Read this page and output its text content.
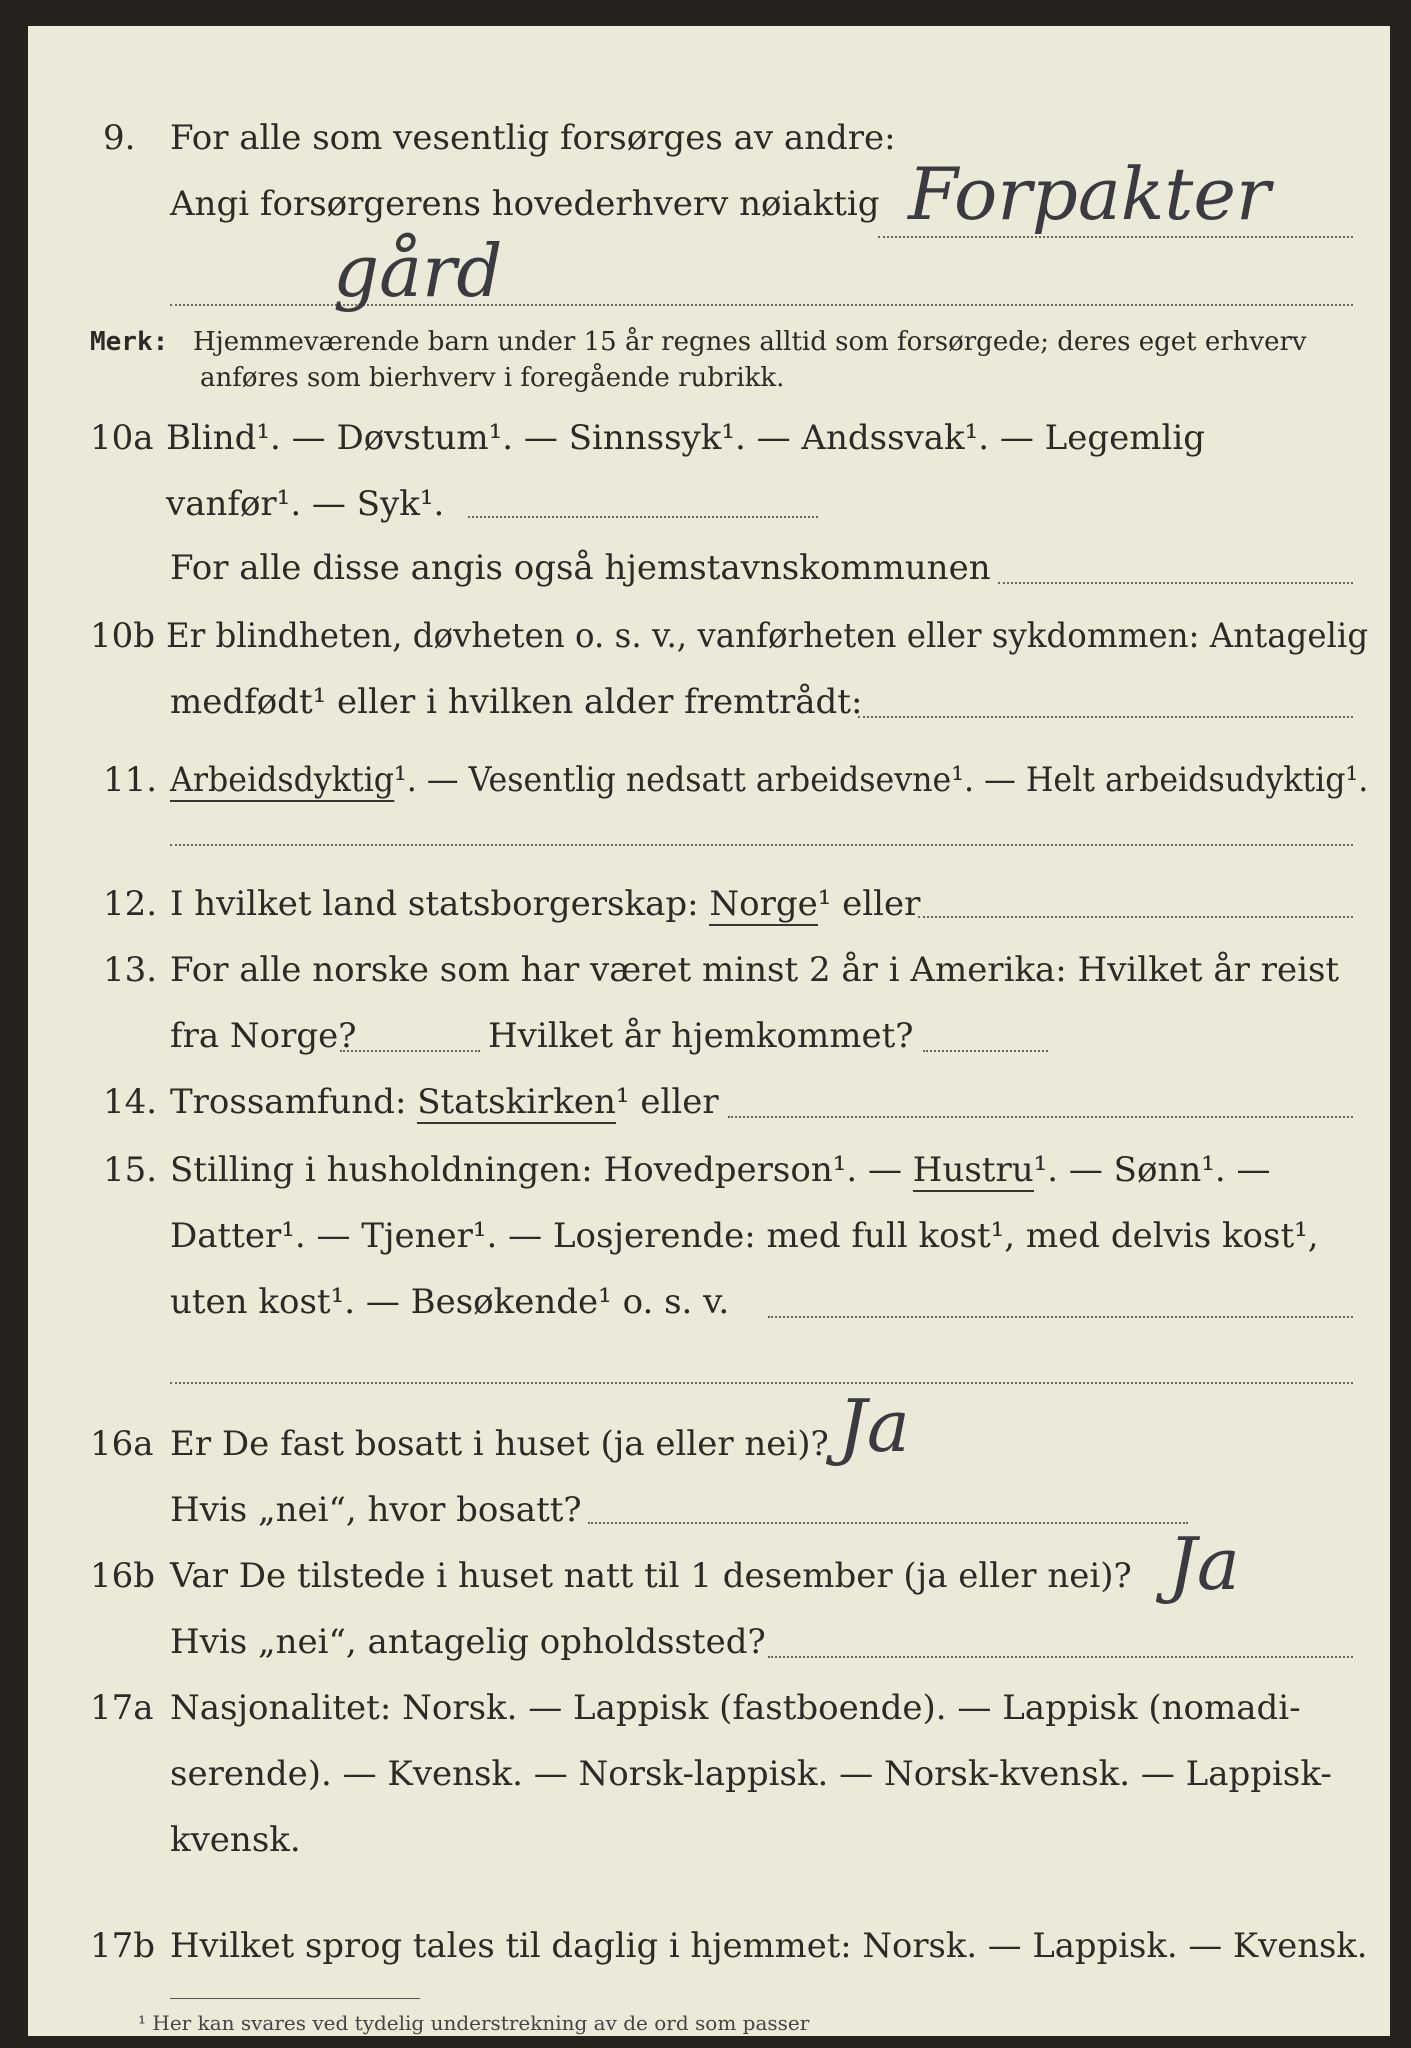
9. For alle som vesentlig forsørges av andre:
Angi forsørgerens hovederhverv nøiaktig Forpakter
gård
Merk: Hjemmeværende barn under 15 år regnes alltid som forsørgede; deres eget erhverv
anføres som bierhverv i foregående rubrikk.
10a Blind¹. — Døvstum¹. — Sinnssyk¹. — Andssvak¹. — Legemlig
vanfør¹. — Syk¹.
For alle disse angis også hjemstavnskommunen
10b Er blindheten, døvheten o. s. v., vanførheten eller sykdommen: Antagelig
medfødt¹ eller i hvilken alder fremtrådt:
11. Arbeidsdyktig¹. — Vesentlig nedsatt arbeidsevne¹. — Helt arbeidsudyktig¹.
12. I hvilket land statsborgerskap: Norge¹ eller
13. For alle norske som har været minst 2 år i Amerika: Hvilket år reist
fra Norge?	Hvilket år hjemkommet?
14. Trossamfund: Statskirken¹ eller
15. Stilling i husholdningen: Hovedperson¹. — Hustru¹. — Sønn¹. —
Datter¹. — Tjener¹. — Losjerende: med full kost¹, med delvis kost¹,
uten kost¹. — Besøkende¹ o. s. v.
16a Er De fast bosatt i huset (ja eller nei)? Ja
Hvis „nei“, hvor bosatt?
16b Var De tilstede i huset natt til 1 desember (ja eller nei)? Ja
Hvis „nei“, antagelig opholdssted?
17a Nasjonalitet: Norsk. — Lappisk (fastboende). — Lappisk (nomadi-
serende). — Kvensk. — Norsk-lappisk. — Norsk-kvensk. — Lappisk-
kvensk.
17b Hvilket sprog tales til daglig i hjemmet: Norsk. — Lappisk. — Kvensk.
¹ Her kan svares ved tydelig understrekning av de ord som passer
